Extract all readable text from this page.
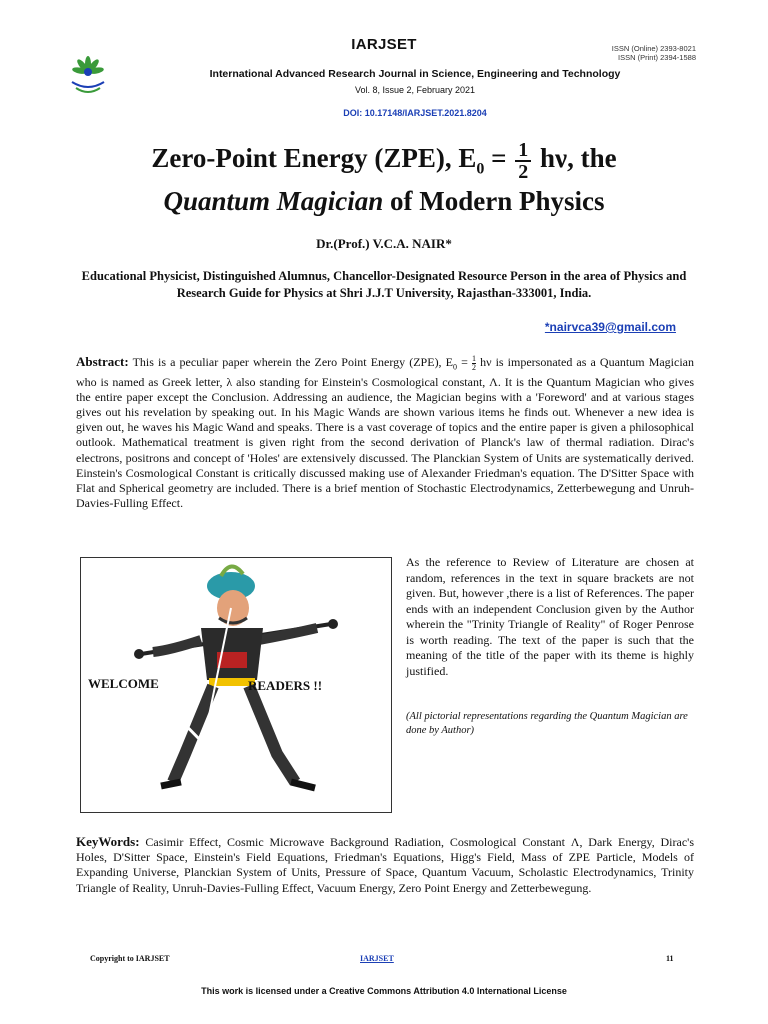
IARJSET	ISSN (Online) 2393-8021
ISSN (Print) 2394-1588
International Advanced Research Journal in Science, Engineering and Technology
Vol. 8, Issue 2, February 2021
DOI: 10.17148/IARJSET.2021.8204
Zero-Point Energy (ZPE), $E_0 = \frac{1}{2} h\nu$, the
Quantum Magician of Modern Physics
Dr.(Prof.) V.C.A. NAIR*
Educational Physicist, Distinguished Alumnus, Chancellor-Designated Resource Person in the area of Physics and Research Guide for Physics at Shri J.J.T University, Rajasthan-333001, India.
*nairvca39@gmail.com
Abstract: This is a peculiar paper wherein the Zero Point Energy (ZPE), $E_0 = \frac{1}{2}$ hν is impersonated as a Quantum Magician who is named as Greek letter, λ also standing for Einstein's Cosmological constant, Λ. It is the Quantum Magician who gives the entire paper except the Conclusion. Addressing an audience, the Magician begins with a 'Foreword' and at various stages gives out his revelation by speaking out. In his Magic Wands are shown various items he finds out. Whenever a new idea is given out, he waves his Magic Wand and speaks. There is a vast coverage of topics and the entire paper is given a philosophical outlook. Mathematical treatment is given right from the second derivation of Planck's law of thermal radiation. Dirac's electrons, positrons and concept of 'Holes' are extensively discussed. The Planckian System of Units are systematically derived. Einstein's Cosmological Constant is critically discussed making use of Alexander Friedman's equation. The D'Sitter Space with Flat and Spherical geometry are included. There is a brief mention of Stochastic Electrodynamics, Zetterbewegung and Unruh-Davies-Fulling Effect.
WELCOME	READERS !!
As the reference to Review of Literature are chosen at random, references in the text in square brackets are not given. But, however ,there is a list of References. The paper ends with an independent Conclusion given by the Author wherein the "Trinity Triangle of Reality" of Roger Penrose is worth reading. The text of the paper is such that the meaning of the title of the paper with its theme is highly justified.
(All pictorial representations regarding the Quantum Magician are done by Author)
KeyWords: Casimir Effect, Cosmic Microwave Background Radiation, Cosmological Constant Λ, Dark Energy, Dirac's Holes, D'Sitter Space, Einstein's Field Equations, Friedman's Equations, Higg's Field, Mass of ZPE Particle, Models of Expanding Universe, Planckian System of Units, Pressure of Space, Quantum Vacuum, Scholastic Electrodynamics, Trinity Triangle of Reality, Unruh-Davies-Fulling Effect, Vacuum Energy, Zero Point Energy and Zetterbewegung.
Copyright to IARJSET	IARJSET	11
This work is licensed under a Creative Commons Attribution 4.0 International License
